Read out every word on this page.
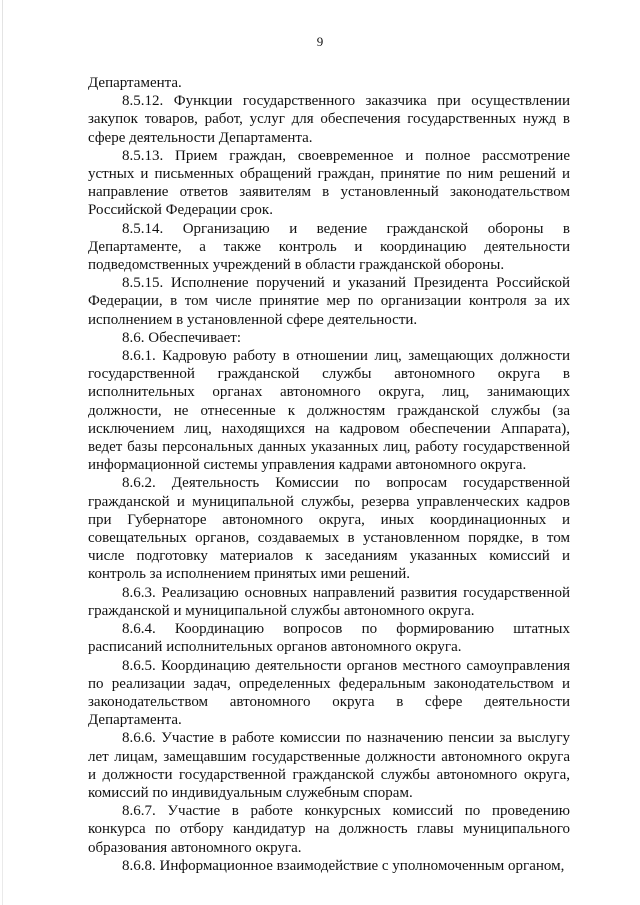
9

Департамента.

8.5.12. Функции государственного заказчика при осуществлении закупок товаров, работ, услуг для обеспечения государственных нужд в сфере деятельности Департамента.

8.5.13. Прием граждан, своевременное и полное рассмотрение устных и письменных обращений граждан, принятие по ним решений и направление ответов заявителям в установленный законодательством Российской Федерации срок.

8.5.14. Организацию и ведение гражданской обороны в Департаменте, а также контроль и координацию деятельности подведомственных учреждений в области гражданской обороны.

8.5.15. Исполнение поручений и указаний Президента Российской Федерации, в том числе принятие мер по организации контроля за их исполнением в установленной сфере деятельности.

8.6. Обеспечивает:

8.6.1. Кадровую работу в отношении лиц, замещающих должности государственной гражданской службы автономного округа в исполнительных органах автономного округа, лиц, занимающих должности, не отнесенные к должностям гражданской службы (за исключением лиц, находящихся на кадровом обеспечении Аппарата), ведет базы персональных данных указанных лиц, работу государственной информационной системы управления кадрами автономного округа.

8.6.2. Деятельность Комиссии по вопросам государственной гражданской и муниципальной службы, резерва управленческих кадров при Губернаторе автономного округа, иных координационных и совещательных органов, создаваемых в установленном порядке, в том числе подготовку материалов к заседаниям указанных комиссий и контроль за исполнением принятых ими решений.

8.6.3. Реализацию основных направлений развития государственной гражданской и муниципальной службы автономного округа.

8.6.4. Координацию вопросов по формированию штатных расписаний исполнительных органов автономного округа.

8.6.5. Координацию деятельности органов местного самоуправления по реализации задач, определенных федеральным законодательством и законодательством автономного округа в сфере деятельности Департамента.

8.6.6. Участие в работе комиссии по назначению пенсии за выслугу лет лицам, замещавшим государственные должности автономного округа и должности государственной гражданской службы автономного округа, комиссий по индивидуальным служебным спорам.

8.6.7. Участие в работе конкурсных комиссий по проведению конкурса по отбору кандидатур на должность главы муниципального образования автономного округа.

8.6.8. Информационное взаимодействие с уполномоченным органом,
